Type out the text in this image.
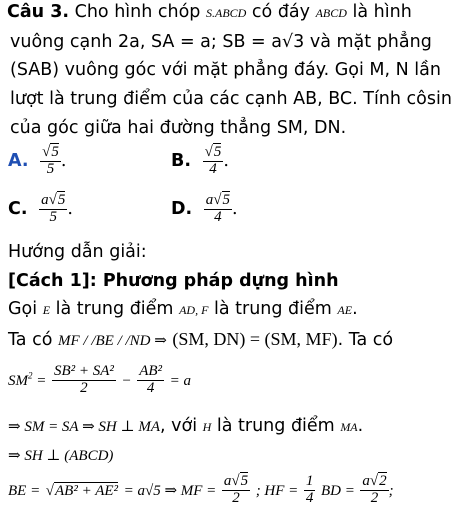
Câu 3. Cho hình chóp S.ABCD có đáy ABCD là hình
vuông cạnh 2a, SA = a; SB = a√3 và mặt phẳng
(SAB) vuông góc với mặt phẳng đáy. Gọi M, N lần
lượt là trung điểm của các cạnh AB, BC. Tính côsin
của góc giữa hai đường thẳng SM, DN.
A. $\frac{√5}{5}$ .	B. $\frac{√5}{4}$ .
C. $\frac{a√5}{5}$ .	D. $\frac{a√5}{4}$ .
Hướng dẫn giải:
[Cách 1]: Phương pháp dựng hình
Gọi E là trung điểm AD, F là trung điểm AE.
Ta có MF / /BE / /ND ⇒ (SM, DN) = (SM, MF). Ta có
$SM^2 = \frac{\text{SB² + SA²}}{2} - \frac{\text{AB²}}{4} = a$
⇒ SM = SA ⇒ SH ⊥ MA, với H là trung điểm MA.
⇒ SH ⊥ (ABCD)
BE = √AB² + AE² = a√5 ⇒ MF = $\frac{a√5}{2}$ ; HF = $\frac{1}{4}$ BD = $\frac{a√2}{2}$ ;
